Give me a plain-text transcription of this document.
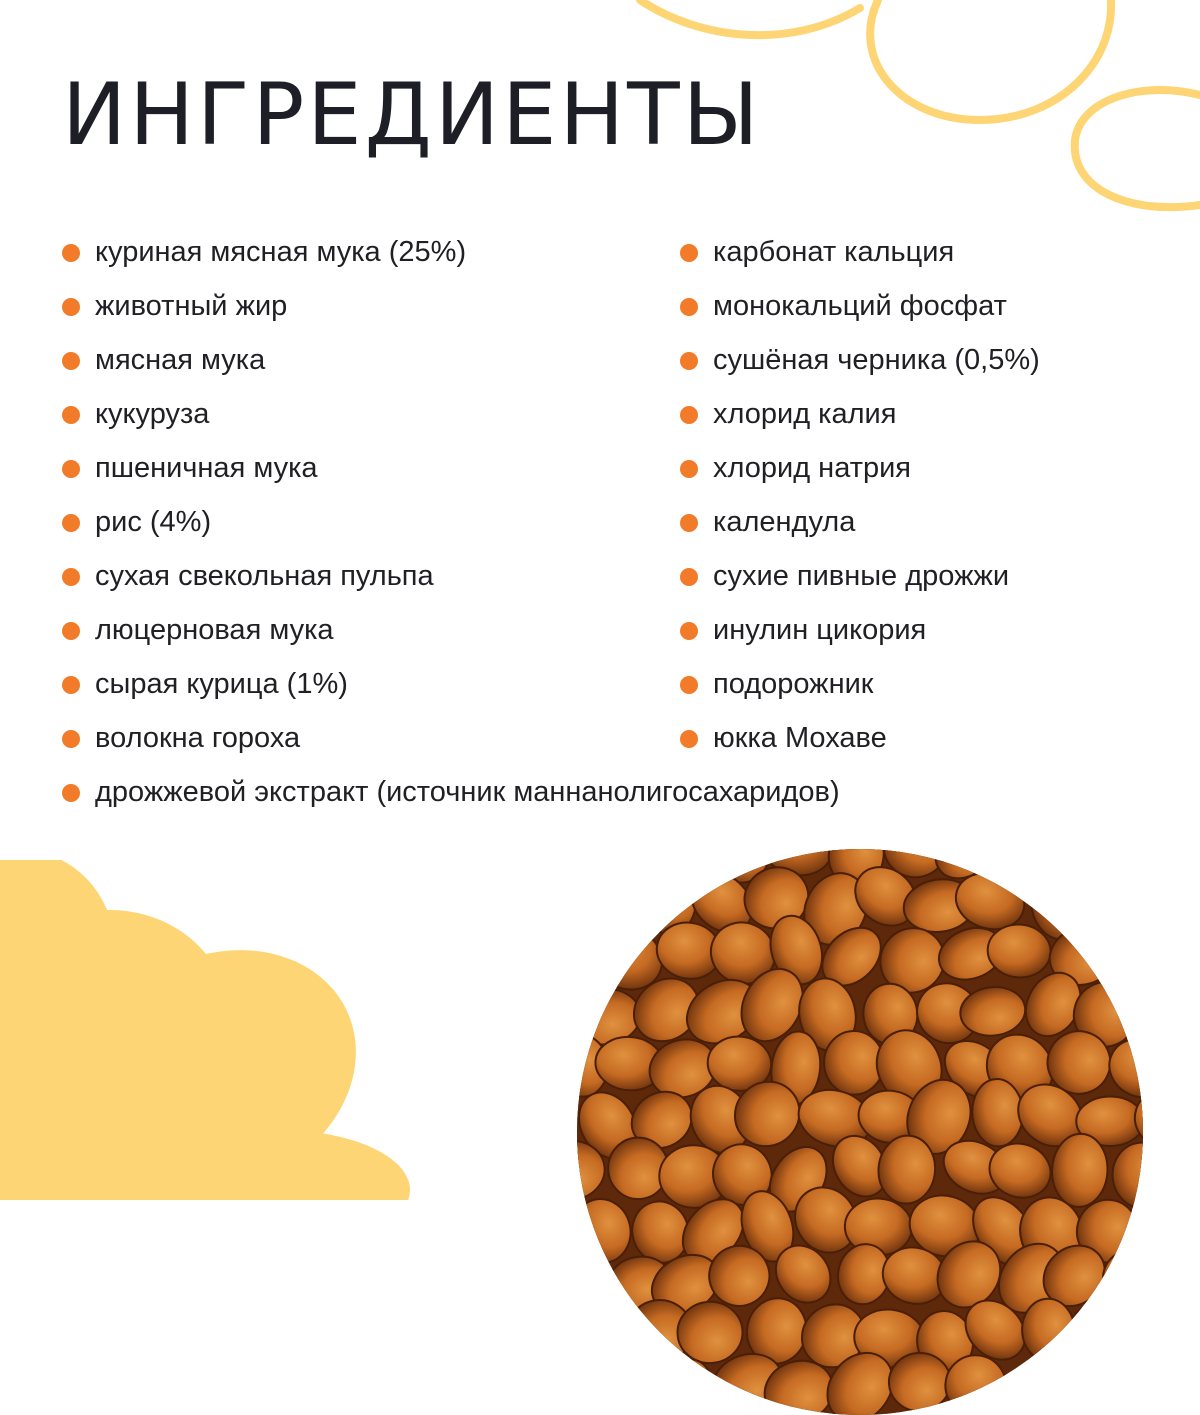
ИНГРЕДИЕНТЫ
куриная мясная мука (25%)
животный жир
мясная мука
кукуруза
пшеничная мука
рис (4%)
сухая свекольная пульпа
люцерновая мука
сырая курица (1%)
волокна гороха
дрожжевой экстракт (источник маннанолигосахаридов)
карбонат кальция
монокальций фосфат
сушёная черника (0,5%)
хлорид калия
хлорид натрия
календула
сухие пивные дрожжи
инулин цикория
подорожник
юкка Мохаве
